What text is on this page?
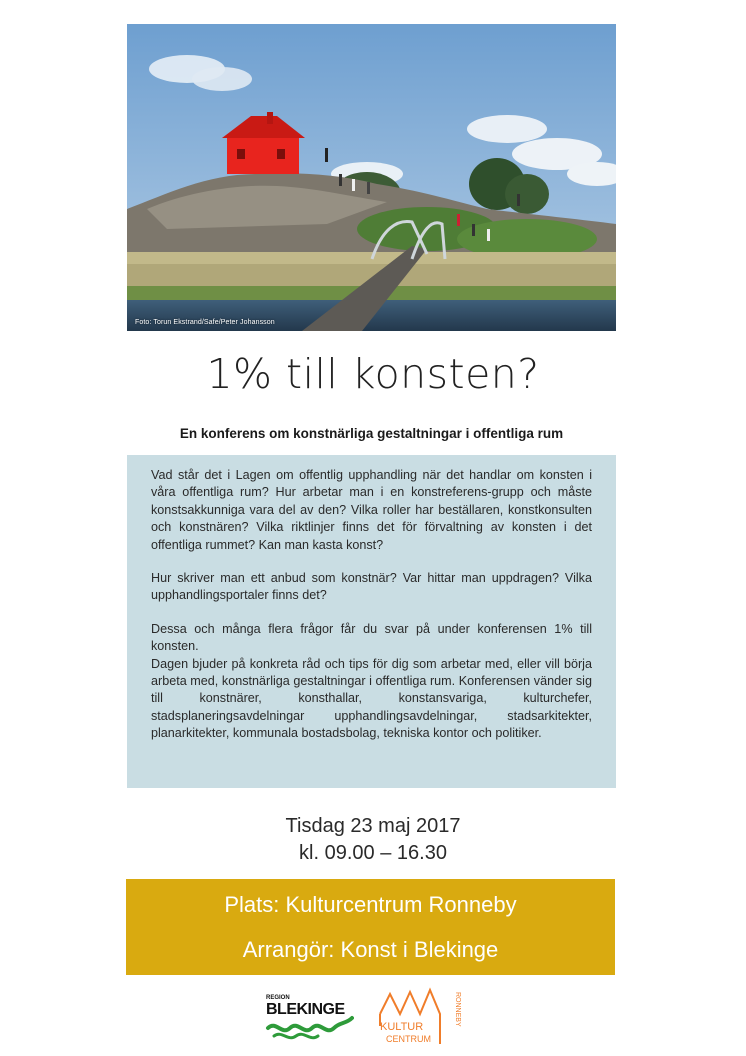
Foto: Torun Ekstrand/Safe/Peter Johansson
1% till konsten?
En konferens om konstnärliga gestaltningar i offentliga rum

Vad står det i Lagen om offentlig upphandling när det handlar om konsten i våra offentliga rum? Hur arbetar man i en konstreferens-grupp och måste konstsakkunniga vara del av den? Vilka roller har beställaren, konstkonsulten och konstnären? Vilka riktlinjer finns det för förvaltning av konsten i det offentliga rummet? Kan man kasta konst?

Hur skriver man ett anbud som konstnär? Var hittar man uppdragen? Vilka upphandlingsportaler finns det?

Dessa och många flera frågor får du svar på under konferensen 1% till konsten.

Dagen bjuder på konkreta råd och tips för dig som arbetar med, eller vill börja arbeta med, konstnärliga gestaltningar i offentliga rum. Konferensen vänder sig till konstnärer, konsthallar, konstansvariga, kulturchefer, stadsplaneringsavdelningar upphandlingsavdelningar, stadsarkitekter, planarkitekter, kommunala bostadsbolag, tekniska kontor och politiker.

Tisdag 23 maj 2017
kl. 09.00 – 16.30
Plats: Kulturcentrum Ronneby
Arrangör: Konst i Blekinge
REGION
BLEKINGE
KULTUR
CENTRUM
RONNEBY
